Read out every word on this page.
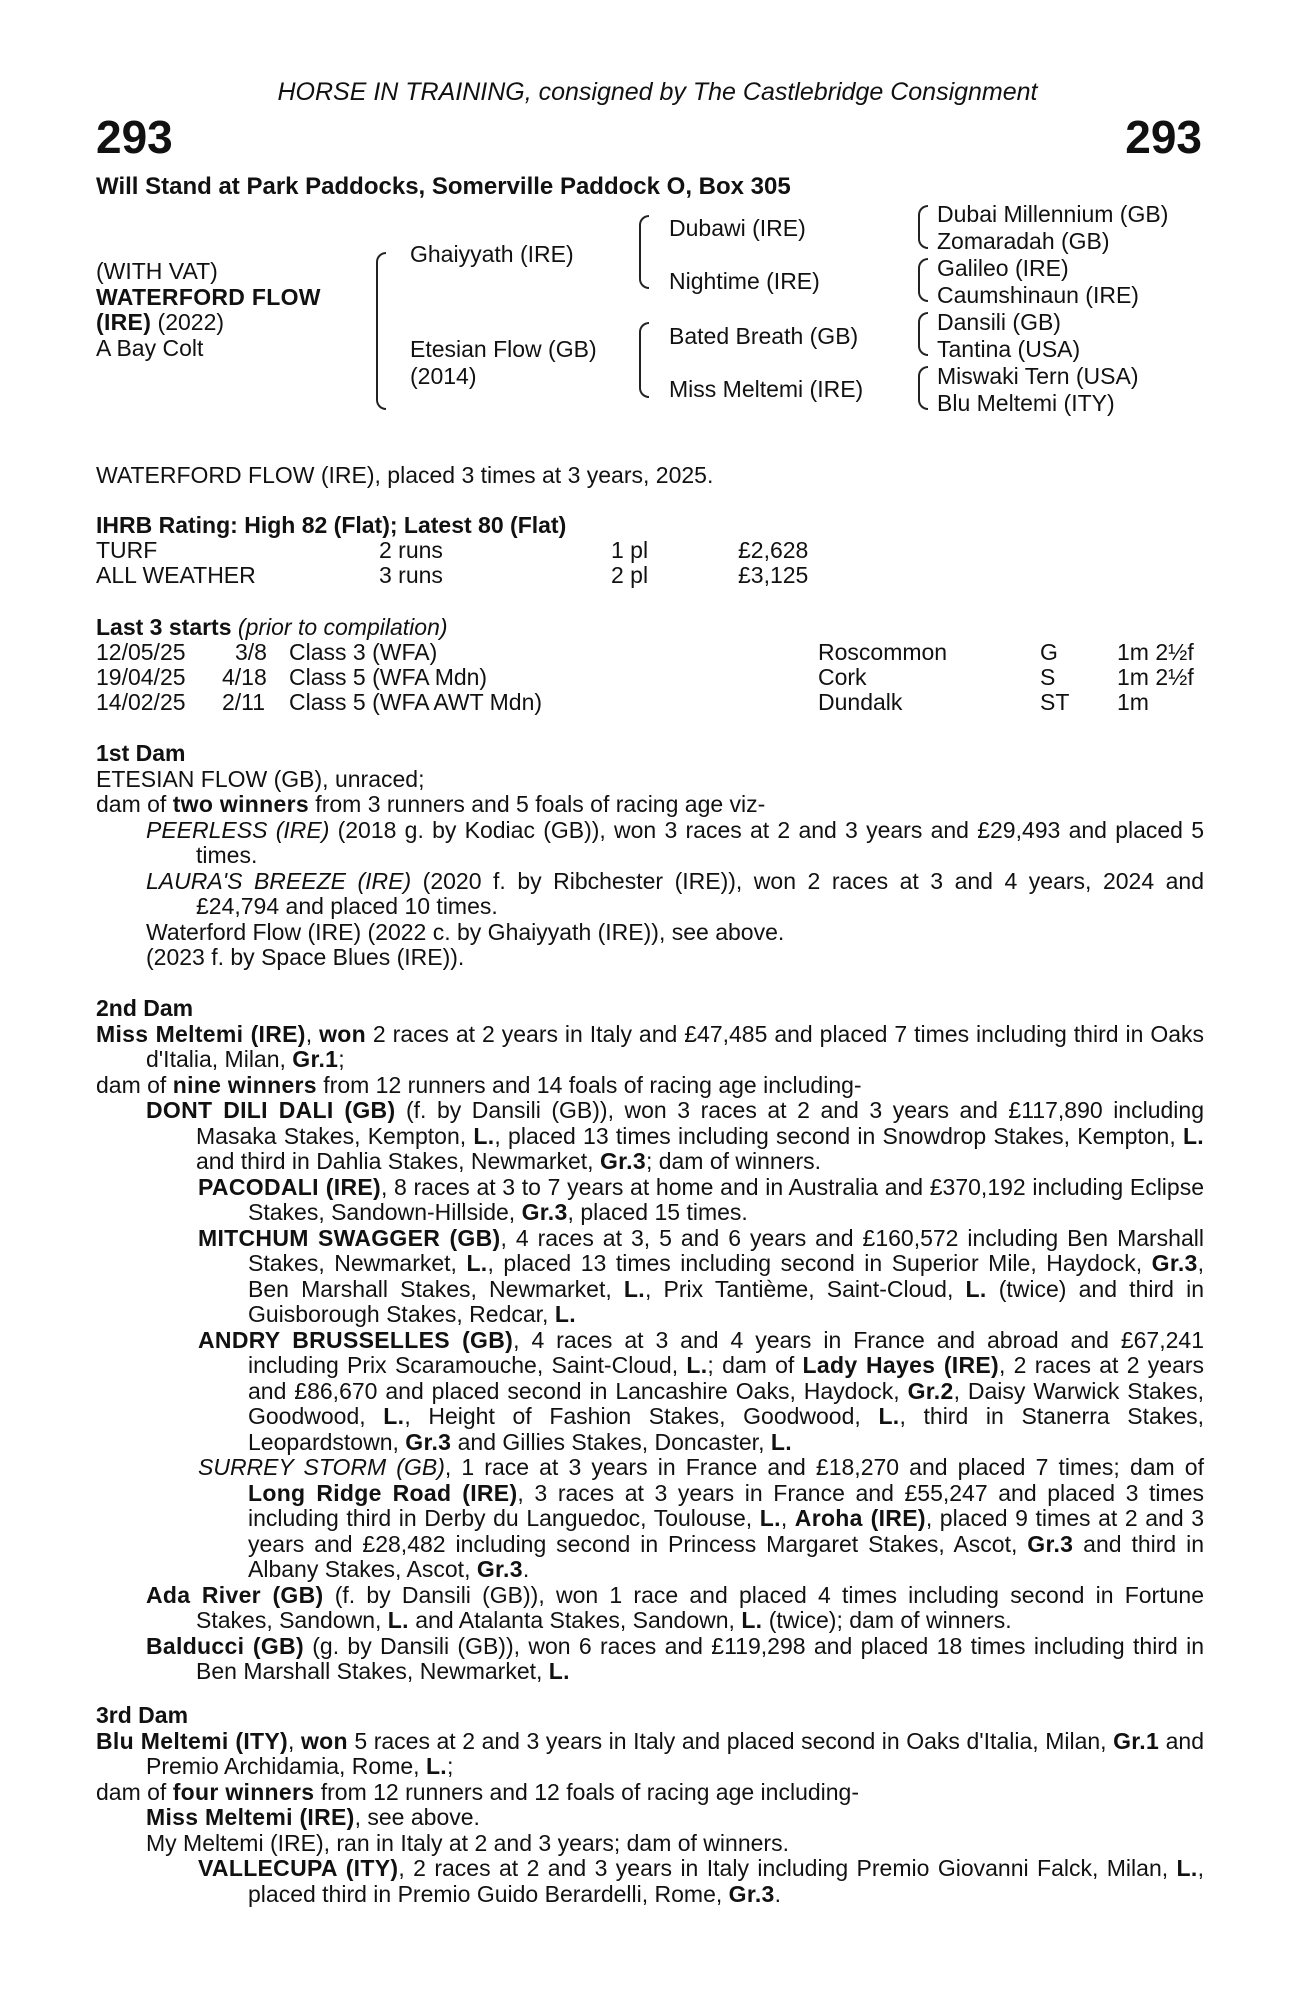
HORSE IN TRAINING, consigned by The Castlebridge Consignment
293	293
Will Stand at Park Paddocks, Somerville Paddock O, Box 305
(WITH VAT)
WATERFORD FLOW
(IRE) (2022)
A Bay Colt
Ghaiyyath (IRE)
Etesian Flow (GB)
(2014)
Dubawi (IRE)
Nightime (IRE)
Bated Breath (GB)
Miss Meltemi (IRE)
Dubai Millennium (GB)
Zomaradah (GB)
Galileo (IRE)
Caumshinaun (IRE)
Dansili (GB)
Tantina (USA)
Miswaki Tern (USA)
Blu Meltemi (ITY)
WATERFORD FLOW (IRE), placed 3 times at 3 years, 2025.
IHRB Rating: High 82 (Flat); Latest 80 (Flat)
TURF	2 runs	1 pl	£2,628
ALL WEATHER	3 runs	2 pl	£3,125
Last 3 starts (prior to compilation)
12/05/25 3/8 Class 3 (WFA)	Roscommon	G	1m 2½f
19/04/25 4/18 Class 5 (WFA Mdn)	Cork	S	1m 2½f
14/02/25 2/11 Class 5 (WFA AWT Mdn)	Dundalk	ST 1m

1st Dam

ETESIAN FLOW (GB), unraced;

dam of two winners from 3 runners and 5 foals of racing age viz-

PEERLESS (IRE) (2018 g. by Kodiac (GB)), won 3 races at 2 and 3 years and £29,493 and placed 5 times.

LAURA'S BREEZE (IRE) (2020 f. by Ribchester (IRE)), won 2 races at 3 and 4 years, 2024 and £24,794 and placed 10 times.

Waterford Flow (IRE) (2022 c. by Ghaiyyath (IRE)), see above.

(2023 f. by Space Blues (IRE)).

2nd Dam

Miss Meltemi (IRE), won 2 races at 2 years in Italy and £47,485 and placed 7 times including third in Oaks d'Italia, Milan, Gr.1;

dam of nine winners from 12 runners and 14 foals of racing age including-

DONT DILI DALI (GB) (f. by Dansili (GB)), won 3 races at 2 and 3 years and £117,890 including Masaka Stakes, Kempton, L., placed 13 times including second in Snowdrop Stakes, Kempton, L. and third in Dahlia Stakes, Newmarket, Gr.3; dam of winners.

PACODALI (IRE), 8 races at 3 to 7 years at home and in Australia and £370,192 including Eclipse Stakes, Sandown-Hillside, Gr.3, placed 15 times.

MITCHUM SWAGGER (GB), 4 races at 3, 5 and 6 years and £160,572 including Ben Marshall Stakes, Newmarket, L., placed 13 times including second in Superior Mile, Haydock, Gr.3, Ben Marshall Stakes, Newmarket, L., Prix Tantième, Saint-Cloud, L. (twice) and third in Guisborough Stakes, Redcar, L.

ANDRY BRUSSELLES (GB), 4 races at 3 and 4 years in France and abroad and £67,241 including Prix Scaramouche, Saint-Cloud, L.; dam of Lady Hayes (IRE), 2 races at 2 years and £86,670 and placed second in Lancashire Oaks, Haydock, Gr.2, Daisy Warwick Stakes, Goodwood, L., Height of Fashion Stakes, Goodwood, L., third in Stanerra Stakes, Leopardstown, Gr.3 and Gillies Stakes, Doncaster, L.

SURREY STORM (GB), 1 race at 3 years in France and £18,270 and placed 7 times; dam of Long Ridge Road (IRE), 3 races at 3 years in France and £55,247 and placed 3 times including third in Derby du Languedoc, Toulouse, L., Aroha (IRE), placed 9 times at 2 and 3 years and £28,482 including second in Princess Margaret Stakes, Ascot, Gr.3 and third in Albany Stakes, Ascot, Gr.3.

Ada River (GB) (f. by Dansili (GB)), won 1 race and placed 4 times including second in Fortune Stakes, Sandown, L. and Atalanta Stakes, Sandown, L. (twice); dam of winners.

Balducci (GB) (g. by Dansili (GB)), won 6 races and £119,298 and placed 18 times including third in Ben Marshall Stakes, Newmarket, L.

3rd Dam

Blu Meltemi (ITY), won 5 races at 2 and 3 years in Italy and placed second in Oaks d'Italia, Milan, Gr.1 and Premio Archidamia, Rome, L.;

dam of four winners from 12 runners and 12 foals of racing age including-

Miss Meltemi (IRE), see above.

My Meltemi (IRE), ran in Italy at 2 and 3 years; dam of winners.

VALLECUPA (ITY), 2 races at 2 and 3 years in Italy including Premio Giovanni Falck, Milan, L., placed third in Premio Guido Berardelli, Rome, Gr.3.
